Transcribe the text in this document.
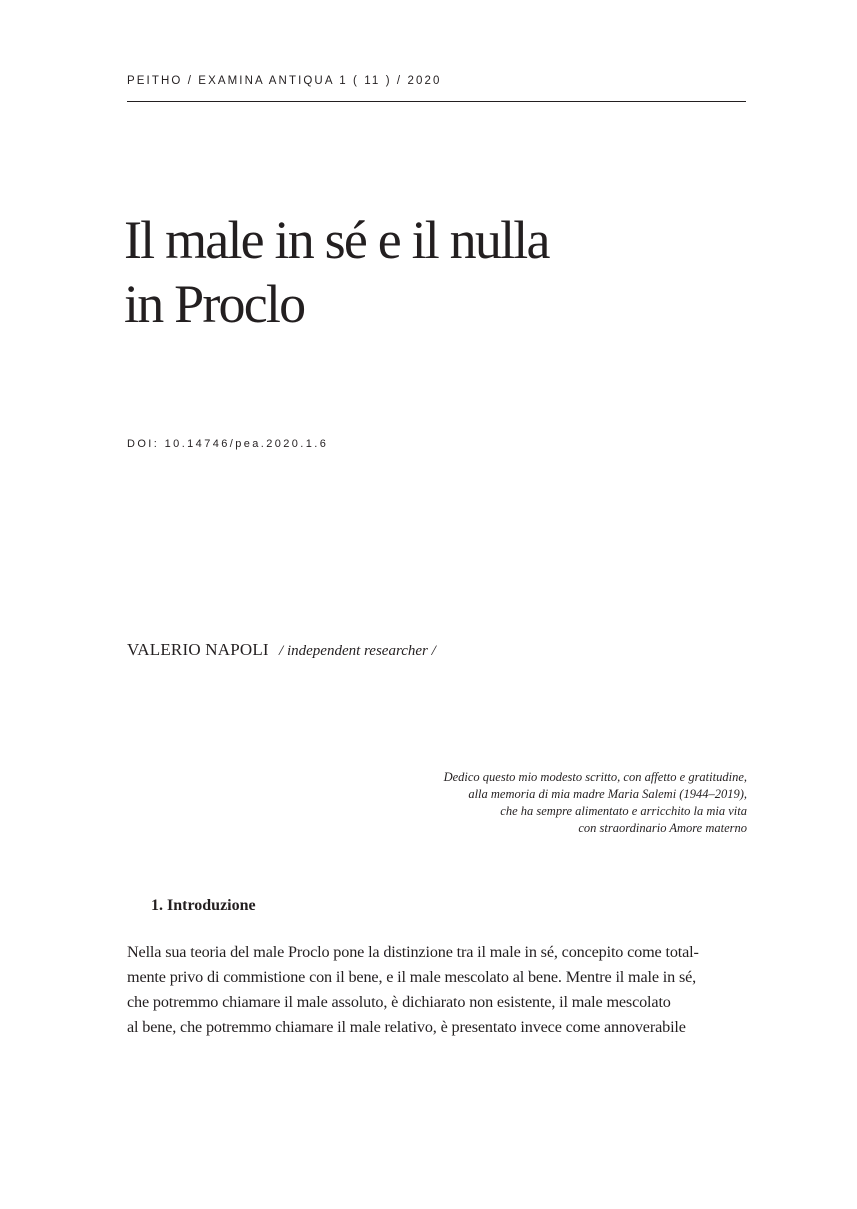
PEITHO / EXAMINA ANTIQUA 1 ( 11 ) / 2020
Il male in sé e il nulla
in Proclo
DOI: 10.14746/pea.2020.1.6
VALERIO NAPOLI / independent researcher /
Dedico questo mio modesto scritto, con affetto e gratitudine,
alla memoria di mia madre Maria Salemi (1944–2019),
che ha sempre alimentato e arricchito la mia vita
con straordinario Amore materno
1. Introduzione
Nella sua teoria del male Proclo pone la distinzione tra il male in sé, concepito come total-
mente privo di commistione con il bene, e il male mescolato al bene. Mentre il male in sé,
che potremmo chiamare il male assoluto, è dichiarato non esistente, il male mescolato
al bene, che potremmo chiamare il male relativo, è presentato invece come annoverabile
